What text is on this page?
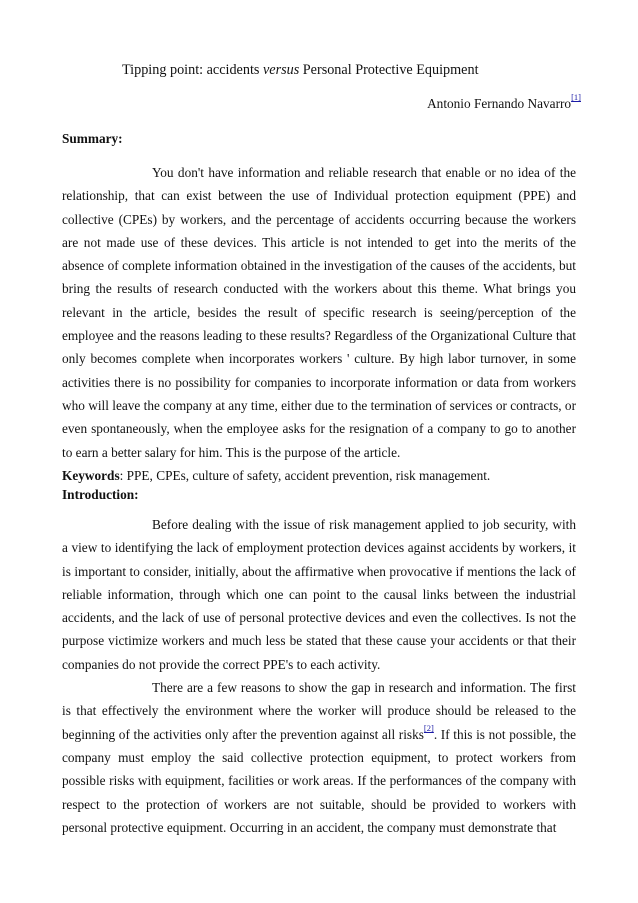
Tipping point: accidents versus Personal Protective Equipment
Antonio Fernando Navarro[1]
Summary:

You don't have information and reliable research that enable or no idea of the relationship, that can exist between the use of Individual protection equipment (PPE) and collective (CPEs) by workers, and the percentage of accidents occurring because the workers are not made use of these devices. This article is not intended to get into the merits of the absence of complete information obtained in the investigation of the causes of the accidents, but bring the results of research conducted with the workers about this theme. What brings you relevant in the article, besides the result of specific research is seeing/perception of the employee and the reasons leading to these results? Regardless of the Organizational Culture that only becomes complete when incorporates workers ' culture. By high labor turnover, in some activities there is no possibility for companies to incorporate information or data from workers who will leave the company at any time, either due to the termination of services or contracts, or even spontaneously, when the employee asks for the resignation of a company to go to another to earn a better salary for him. This is the purpose of the article.

Keywords: PPE, CPEs, culture of safety, accident prevention, risk management.

Introduction:

Before dealing with the issue of risk management applied to job security, with a view to identifying the lack of employment protection devices against accidents by workers, it is important to consider, initially, about the affirmative when provocative if mentions the lack of reliable information, through which one can point to the causal links between the industrial accidents, and the lack of use of personal protective devices and even the collectives. Is not the purpose victimize workers and much less be stated that these cause your accidents or that their companies do not provide the correct PPE's to each activity.

There are a few reasons to show the gap in research and information. The first is that effectively the environment where the worker will produce should be released to the beginning of the activities only after the prevention against all risks[2]. If this is not possible, the company must employ the said collective protection equipment, to protect workers from possible risks with equipment, facilities or work areas. If the performances of the company with respect to the protection of workers are not suitable, should be provided to workers with personal protective equipment. Occurring in an accident, the company must demonstrate that
